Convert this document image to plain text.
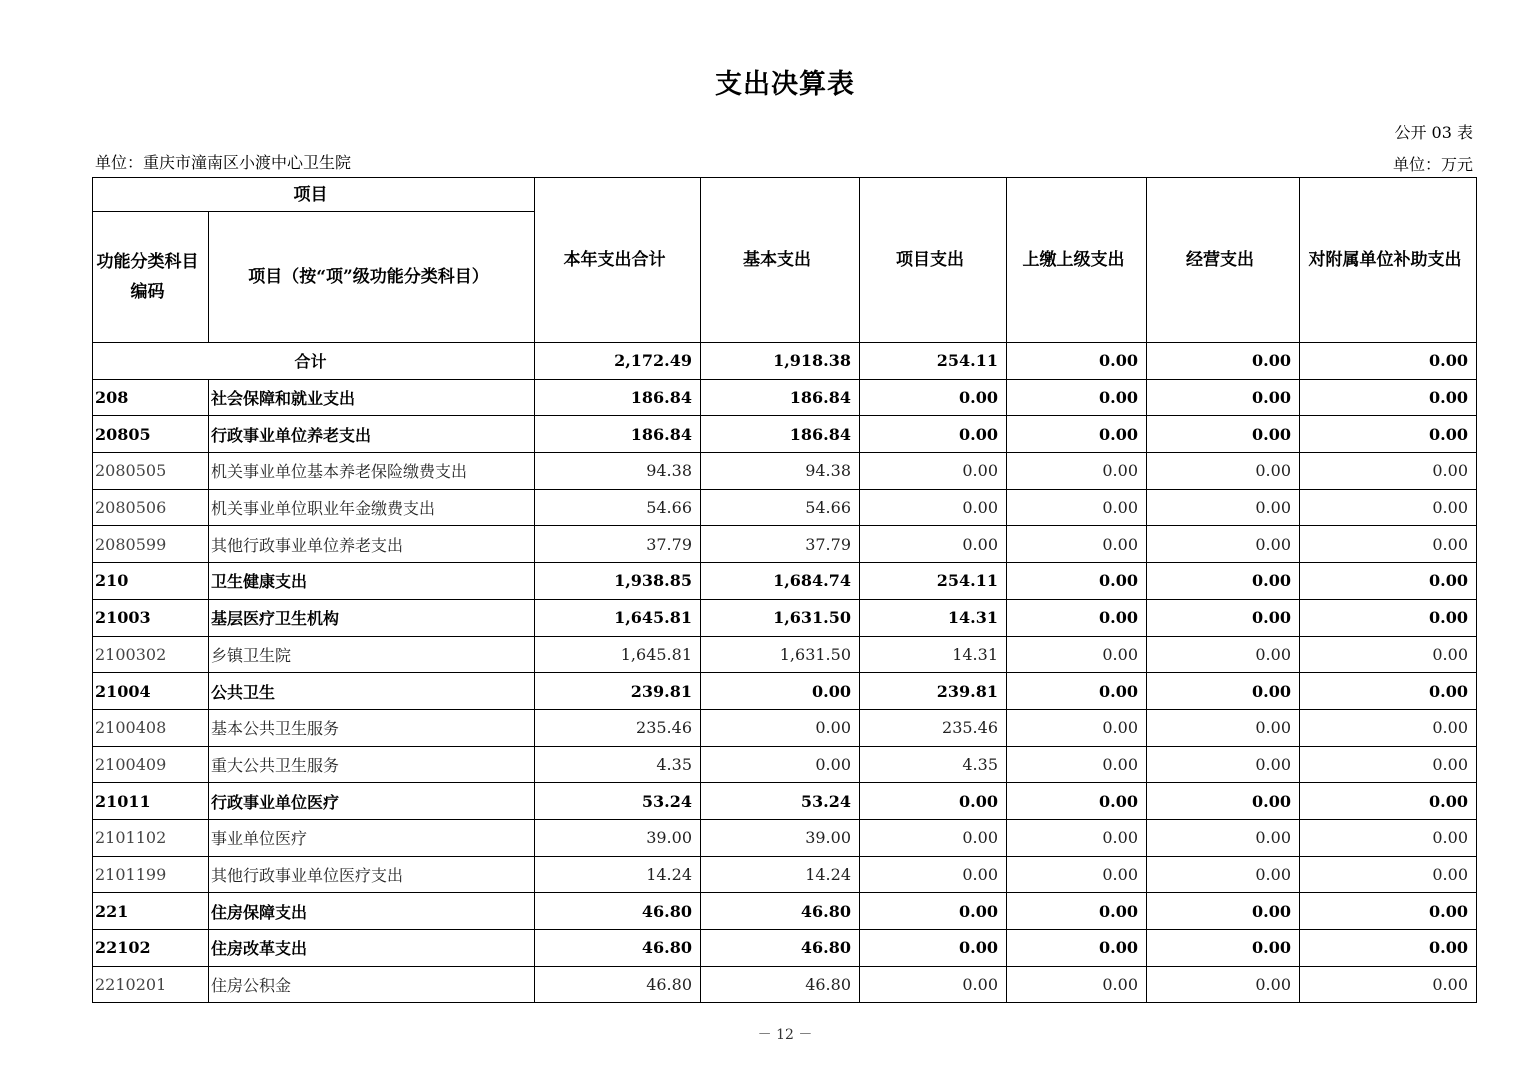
支出决算表
公开 03 表
单位：重庆市潼南区小渡中心卫生院	单位：万元
项目		本年支出合计	基本支出	项目支出	上缴上级支出	经营支出	对附属单位补助支出
功能分类科目编码	项目（按“项”级功能分类科目）						
合计		2,172.49	1,918.38	254.11	0.00	0.00	0.00
208	社会保障和就业支出	186.84	186.84	0.00	0.00	0.00	0.00
20805	行政事业单位养老支出	186.84	186.84	0.00	0.00	0.00	0.00
2080505	机关事业单位基本养老保险缴费支出	94.38	94.38	0.00	0.00	0.00	0.00
2080506	机关事业单位职业年金缴费支出	54.66	54.66	0.00	0.00	0.00	0.00
2080599	其他行政事业单位养老支出	37.79	37.79	0.00	0.00	0.00	0.00
210	卫生健康支出	1,938.85	1,684.74	254.11	0.00	0.00	0.00
21003	基层医疗卫生机构	1,645.81	1,631.50	14.31	0.00	0.00	0.00
2100302	乡镇卫生院	1,645.81	1,631.50	14.31	0.00	0.00	0.00
21004	公共卫生	239.81	0.00	239.81	0.00	0.00	0.00
2100408	基本公共卫生服务	235.46	0.00	235.46	0.00	0.00	0.00
2100409	重大公共卫生服务	4.35	0.00	4.35	0.00	0.00	0.00
21011	行政事业单位医疗	53.24	53.24	0.00	0.00	0.00	0.00
2101102	事业单位医疗	39.00	39.00	0.00	0.00	0.00	0.00
2101199	其他行政事业单位医疗支出	14.24	14.24	0.00	0.00	0.00	0.00
221	住房保障支出	46.80	46.80	0.00	0.00	0.00	0.00
22102	住房改革支出	46.80	46.80	0.00	0.00	0.00	0.00
2210201	住房公积金	46.80	46.80	0.00	0.00	0.00	0.00
－ 12 －
